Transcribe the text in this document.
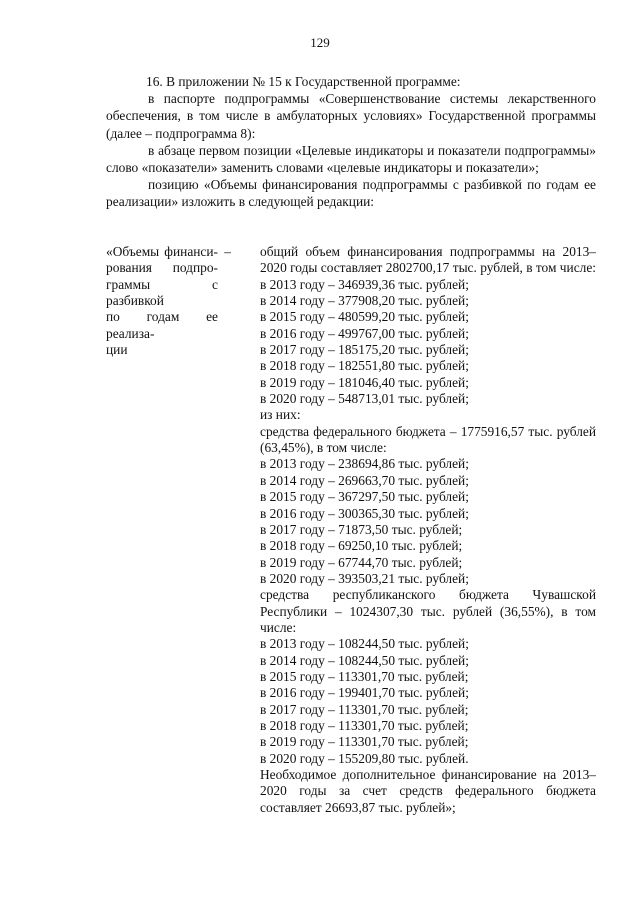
129

16. В приложении № 15 к Государственной программе:

в паспорте подпрограммы «Совершенствование системы лекарственного обеспечения, в том числе в амбулаторных условиях» Государственной программы (далее – подпрограмма 8):

в абзаце первом позиции «Целевые индикаторы и показатели подпрограммы» слово «показатели» заменить словами «целевые индикаторы и показатели»;

позицию «Объемы финансирования подпрограммы с разбивкой по годам ее реализации» изложить в следующей редакции:

«Объемы финанси-
рования подпро-
граммы с разбивкой
по годам ее реализа-
ции
– общий объем финансирования подпрограммы на 2013–2020 годы составляет 2802700,17 тыс. рублей, в том числе:
в 2013 году – 346939,36 тыс. рублей;
в 2014 году – 377908,20 тыс. рублей;
в 2015 году – 480599,20 тыс. рублей;
в 2016 году – 499767,00 тыс. рублей;
в 2017 году – 185175,20 тыс. рублей;
в 2018 году – 182551,80 тыс. рублей;
в 2019 году – 181046,40 тыс. рублей;
в 2020 году – 548713,01 тыс. рублей;
из них:
средства федерального бюджета – 1775916,57 тыс. рублей (63,45%), в том числе:
в 2013 году – 238694,86 тыс. рублей;
в 2014 году – 269663,70 тыс. рублей;
в 2015 году – 367297,50 тыс. рублей;
в 2016 году – 300365,30 тыс. рублей;
в 2017 году – 71873,50 тыс. рублей;
в 2018 году – 69250,10 тыс. рублей;
в 2019 году – 67744,70 тыс. рублей;
в 2020 году – 393503,21 тыс. рублей;
средства республиканского бюджета Чувашской Республики – 1024307,30 тыс. рублей (36,55%), в том числе:
в 2013 году – 108244,50 тыс. рублей;
в 2014 году – 108244,50 тыс. рублей;
в 2015 году – 113301,70 тыс. рублей;
в 2016 году – 199401,70 тыс. рублей;
в 2017 году – 113301,70 тыс. рублей;
в 2018 году – 113301,70 тыс. рублей;
в 2019 году – 113301,70 тыс. рублей;
в 2020 году – 155209,80 тыс. рублей.
Необходимое дополнительное финансирование на 2013–2020 годы за счет средств федерального бюджета составляет 26693,87 тыс. рублей»;
